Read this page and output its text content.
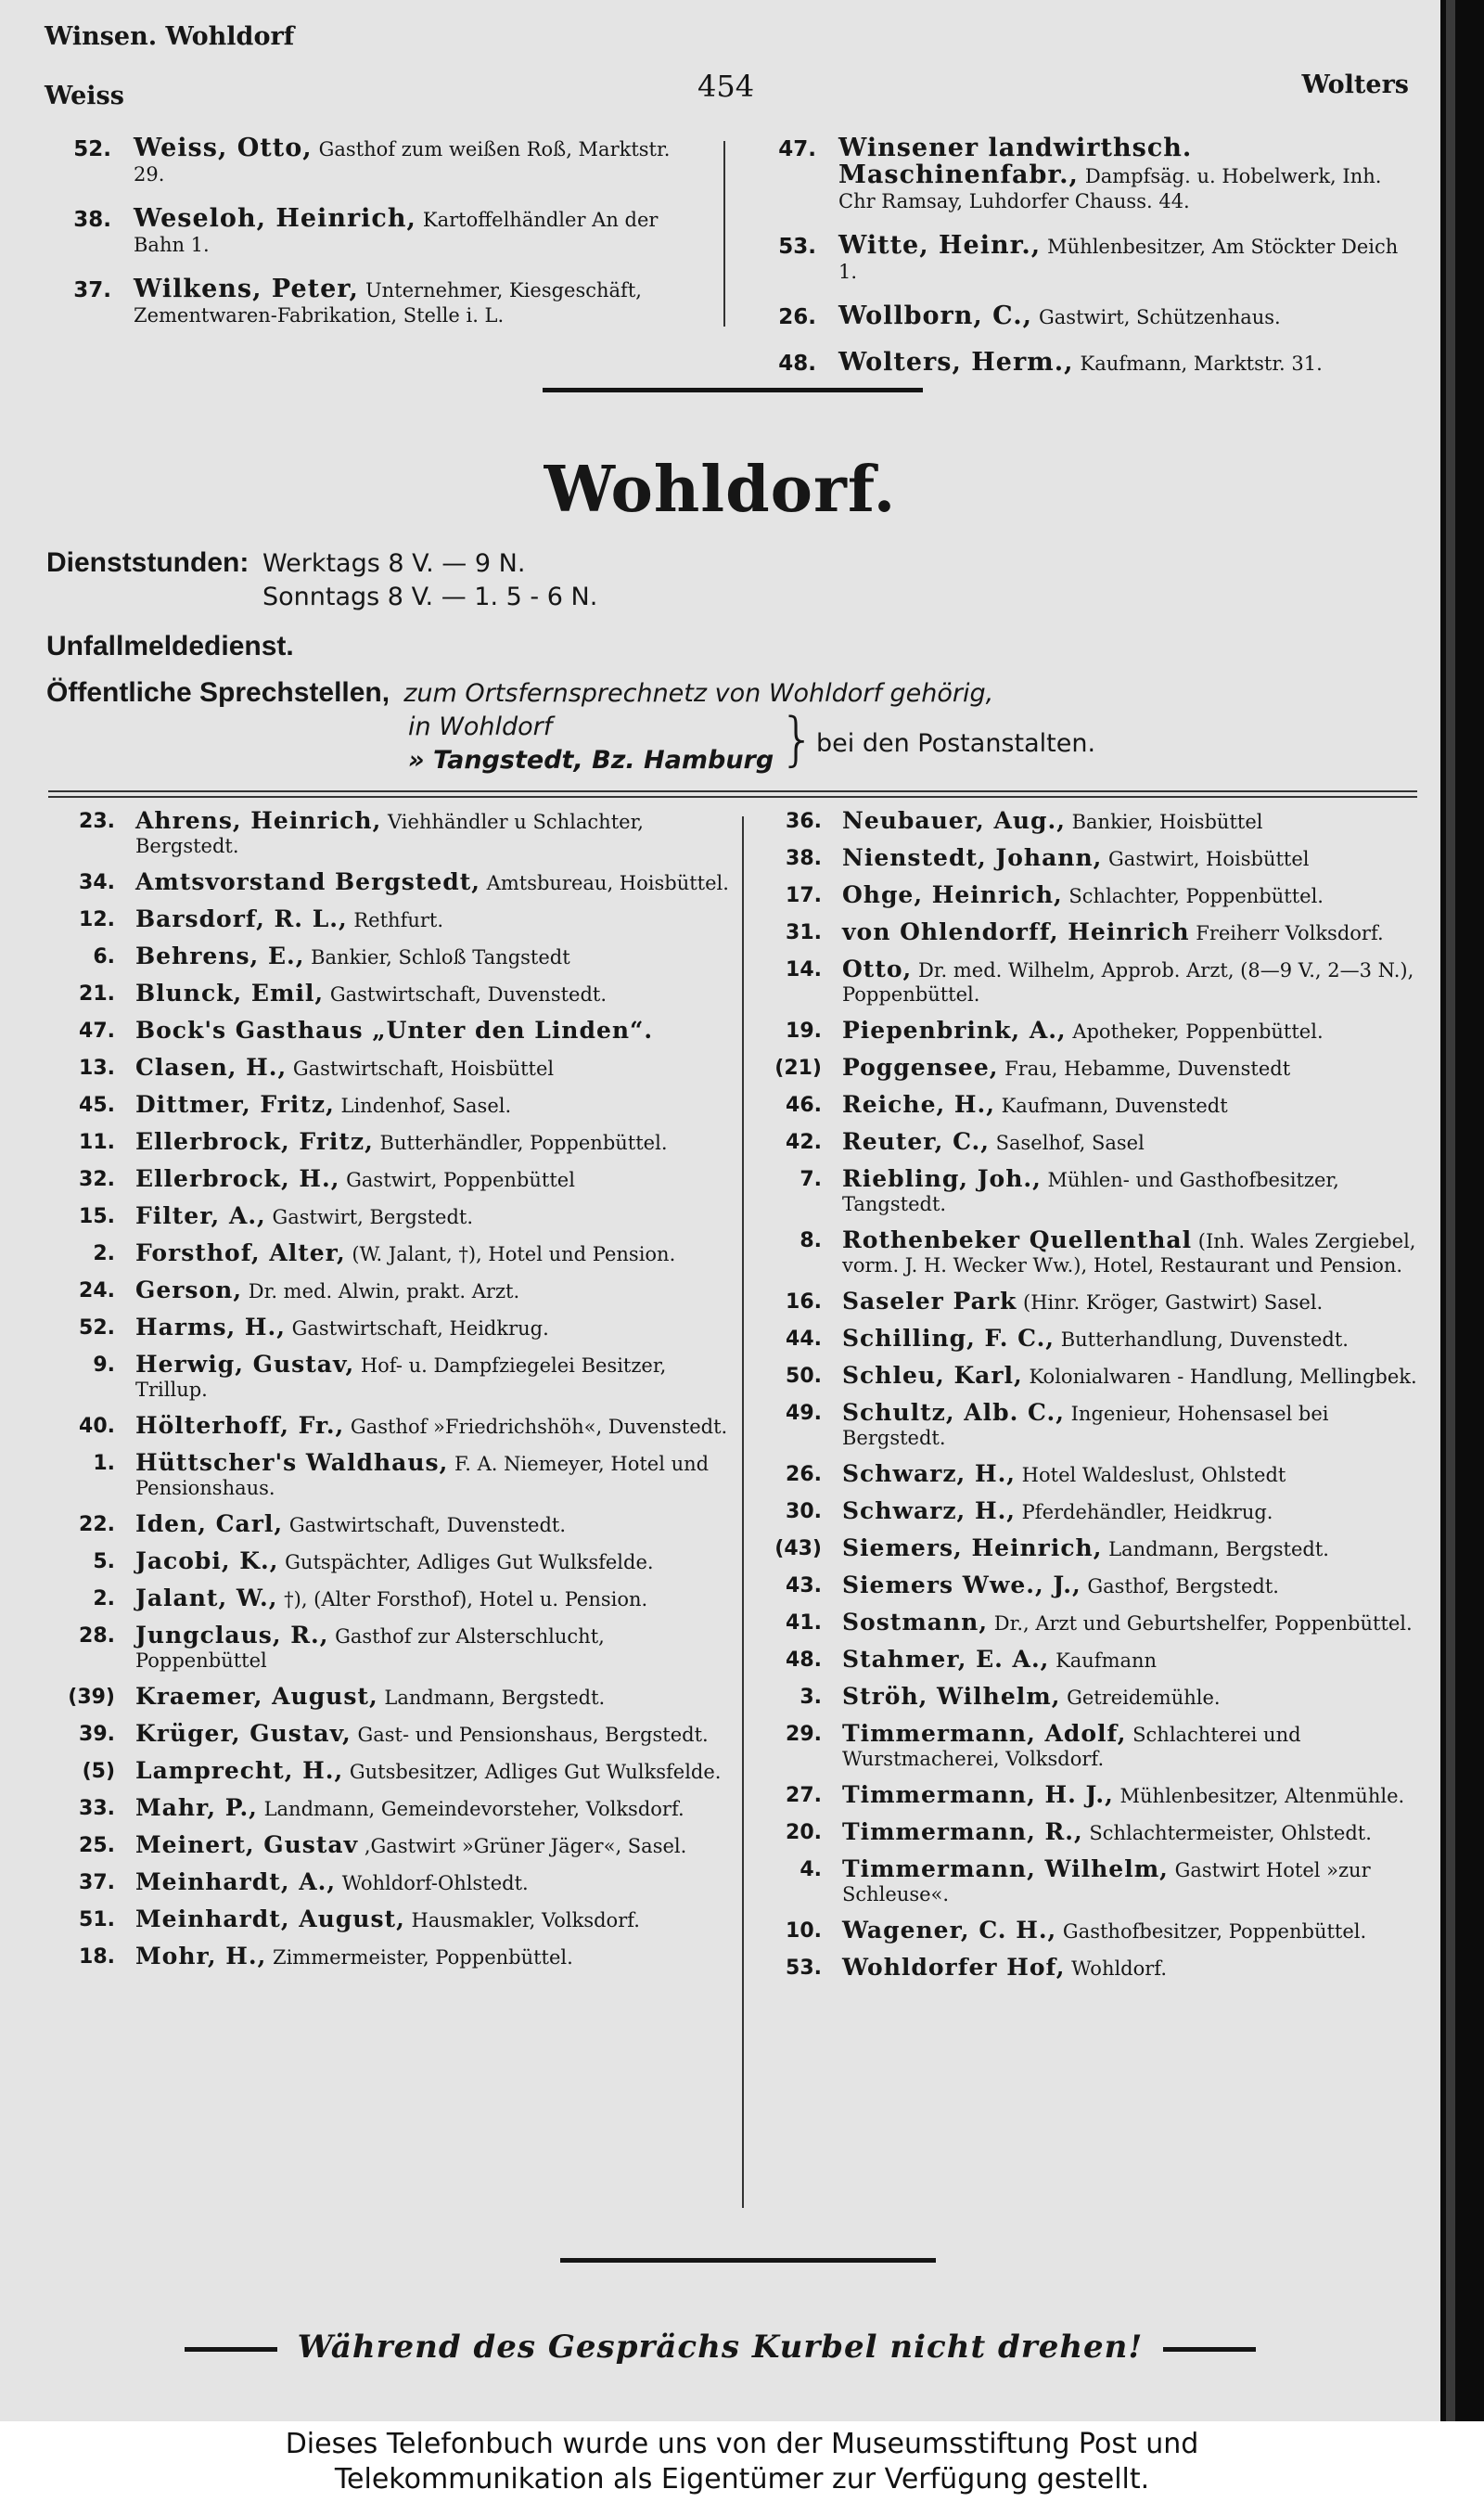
Winsen. Wohldorf
Weiss	454	Wolters
52. Weiss, Otto, Gasthof zum weißen Roß, Marktstr. 29.
38. Weseloh, Heinrich, Kartoffelhändler An der Bahn 1.
37. Wilkens, Peter, Unternehmer, Kiesgeschäft, Zementwaren-Fabrikation, Stelle i. L.
47. Winsener landwirthsch. Maschinenfabr., Dampfsäg. u. Hobelwerk, Inh. Chr Ramsay, Luhdorfer Chauss. 44.
53. Witte, Heinr., Mühlenbesitzer, Am Stöckter Deich 1.
26. Wollborn, C., Gastwirt, Schützenhaus.
48. Wolters, Herm., Kaufmann, Marktstr. 31.
Wohldorf.
Dienststunden: Werktags 8 V. — 9 N.
Sonntags 8 V. — 1. 5 - 6 N.
Unfallmeldedienst.
Öffentliche Sprechstellen, zum Ortsfernsprechnetz von Wohldorf gehörig,
in Wohldorf
» Tangstedt, Bz. Hamburg } bei den Postanstalten.
23. Ahrens, Heinrich, Viehhändler u Schlachter, Bergstedt.
34. Amtsvorstand Bergstedt, Amtsbureau, Hoisbüttel.
12. Barsdorf, R. L., Rethfurt.
6. Behrens, E., Bankier, Schloß Tangstedt
21. Blunck, Emil, Gastwirtschaft, Duvenstedt.
47. Bock's Gasthaus „Unter den Linden“.
13. Clasen, H., Gastwirtschaft, Hoisbüttel
45. Dittmer, Fritz, Lindenhof, Sasel.
11. Ellerbrock, Fritz, Butterhändler, Poppenbüttel.
32. Ellerbrock, H., Gastwirt, Poppenbüttel
15. Filter, A., Gastwirt, Bergstedt.
2. Forsthof, Alter, (W. Jalant, †), Hotel und Pension.
24. Gerson, Dr. med. Alwin, prakt. Arzt.
52. Harms, H., Gastwirtschaft, Heidkrug.
9. Herwig, Gustav, Hof- u. Dampfziegelei Besitzer, Trillup.
40. Hölterhoff, Fr., Gasthof »Friedrichshöh«, Duvenstedt.
1. Hüttscher's Waldhaus, F. A. Niemeyer, Hotel und Pensionshaus.
22. Iden, Carl, Gastwirtschaft, Duvenstedt.
5. Jacobi, K., Gutspächter, Adliges Gut Wulksfelde.
2. Jalant, W., †), (Alter Forsthof), Hotel u. Pension.
28. Jungclaus, R., Gasthof zur Alsterschlucht, Poppenbüttel
(39) Kraemer, August, Landmann, Bergstedt.
39. Krüger, Gustav, Gast- und Pensionshaus, Bergstedt.
(5) Lamprecht, H., Gutsbesitzer, Adliges Gut Wulksfelde.
33. Mahr, P., Landmann, Gemeindevorsteher, Volksdorf.
25. Meinert, Gustav ,Gastwirt »Grüner Jäger«, Sasel.
37. Meinhardt, A., Wohldorf-Ohlstedt.
51. Meinhardt, August, Hausmakler, Volksdorf.
18. Mohr, H., Zimmermeister, Poppenbüttel.
36. Neubauer, Aug., Bankier, Hoisbüttel
38. Nienstedt, Johann, Gastwirt, Hoisbüttel
17. Ohge, Heinrich, Schlachter, Poppenbüttel.
31. von Ohlendorff, Heinrich Freiherr Volksdorf.
14. Otto, Dr. med. Wilhelm, Approb. Arzt, (8—9 V., 2—3 N.), Poppenbüttel.
19. Piepenbrink, A., Apotheker, Poppenbüttel.
(21) Poggensee, Frau, Hebamme, Duvenstedt
46. Reiche, H., Kaufmann, Duvenstedt
42. Reuter, C., Saselhof, Sasel
7. Riebling, Joh., Mühlen- und Gasthofbesitzer, Tangstedt.
8. Rothenbeker Quellenthal (Inh. Wales Zergiebel, vorm. J. H. Wecker Ww.), Hotel, Restaurant und Pension.
16. Saseler Park (Hinr. Kröger, Gastwirt) Sasel.
44. Schilling, F. C., Butterhandlung, Duvenstedt.
50. Schleu, Karl, Kolonialwaren - Handlung, Mellingbek.
49. Schultz, Alb. C., Ingenieur, Hohensasel bei Bergstedt.
26. Schwarz, H., Hotel Waldeslust, Ohlstedt
30. Schwarz, H., Pferdehändler, Heidkrug.
(43) Siemers, Heinrich, Landmann, Bergstedt.
43. Siemers Wwe., J., Gasthof, Bergstedt.
41. Sostmann, Dr., Arzt und Geburtshelfer, Poppenbüttel.
48. Stahmer, E. A., Kaufmann
3. Ströh, Wilhelm, Getreidemühle.
29. Timmermann, Adolf, Schlachterei und Wurstmacherei, Volksdorf.
27. Timmermann, H. J., Mühlenbesitzer, Altenmühle.
20. Timmermann, R., Schlachtermeister, Ohlstedt.
4. Timmermann, Wilhelm, Gastwirt Hotel »zur Schleuse«.
10. Wagener, C. H., Gasthofbesitzer, Poppenbüttel.
53. Wohldorfer Hof, Wohldorf.
Während des Gesprächs Kurbel nicht drehen!
Dieses Telefonbuch wurde uns von der Museumsstiftung Post und
Telekommunikation als Eigentümer zur Verfügung gestellt.
